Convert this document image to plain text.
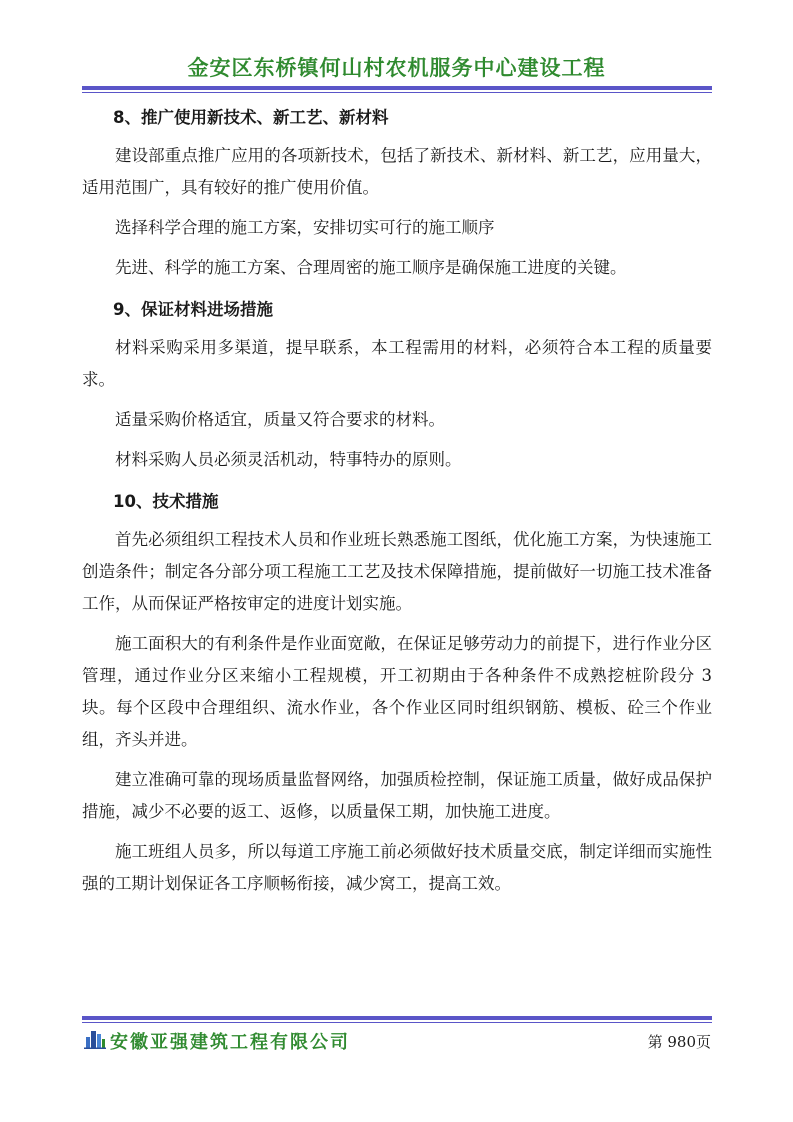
金安区东桥镇何山村农机服务中心建设工程
8、推广使用新技术、新工艺、新材料

建设部重点推广应用的各项新技术，包括了新技术、新材料、新工艺，应用量大，适用范围广，具有较好的推广使用价值。

选择科学合理的施工方案，安排切实可行的施工顺序

先进、科学的施工方案、合理周密的施工顺序是确保施工进度的关键。

9、保证材料进场措施

材料采购采用多渠道，提早联系，本工程需用的材料，必须符合本工程的质量要求。

适量采购价格适宜，质量又符合要求的材料。

材料采购人员必须灵活机动，特事特办的原则。

10、技术措施

首先必须组织工程技术人员和作业班长熟悉施工图纸，优化施工方案，为快速施工创造条件；制定各分部分项工程施工工艺及技术保障措施，提前做好一切施工技术准备工作，从而保证严格按审定的进度计划实施。

施工面积大的有利条件是作业面宽敞，在保证足够劳动力的前提下，进行作业分区管理，通过作业分区来缩小工程规模，开工初期由于各种条件不成熟挖桩阶段分 3 块。每个区段中合理组织、流水作业，各个作业区同时组织钢筋、模板、砼三个作业组，齐头并进。

建立准确可靠的现场质量监督网络，加强质检控制，保证施工质量，做好成品保护措施，减少不必要的返工、返修，以质量保工期，加快施工进度。

施工班组人员多，所以每道工序施工前必须做好技术质量交底，制定详细而实施性强的工期计划保证各工序顺畅衔接，减少窝工，提高工效。

安徽亚强建筑工程有限公司	第 980页
